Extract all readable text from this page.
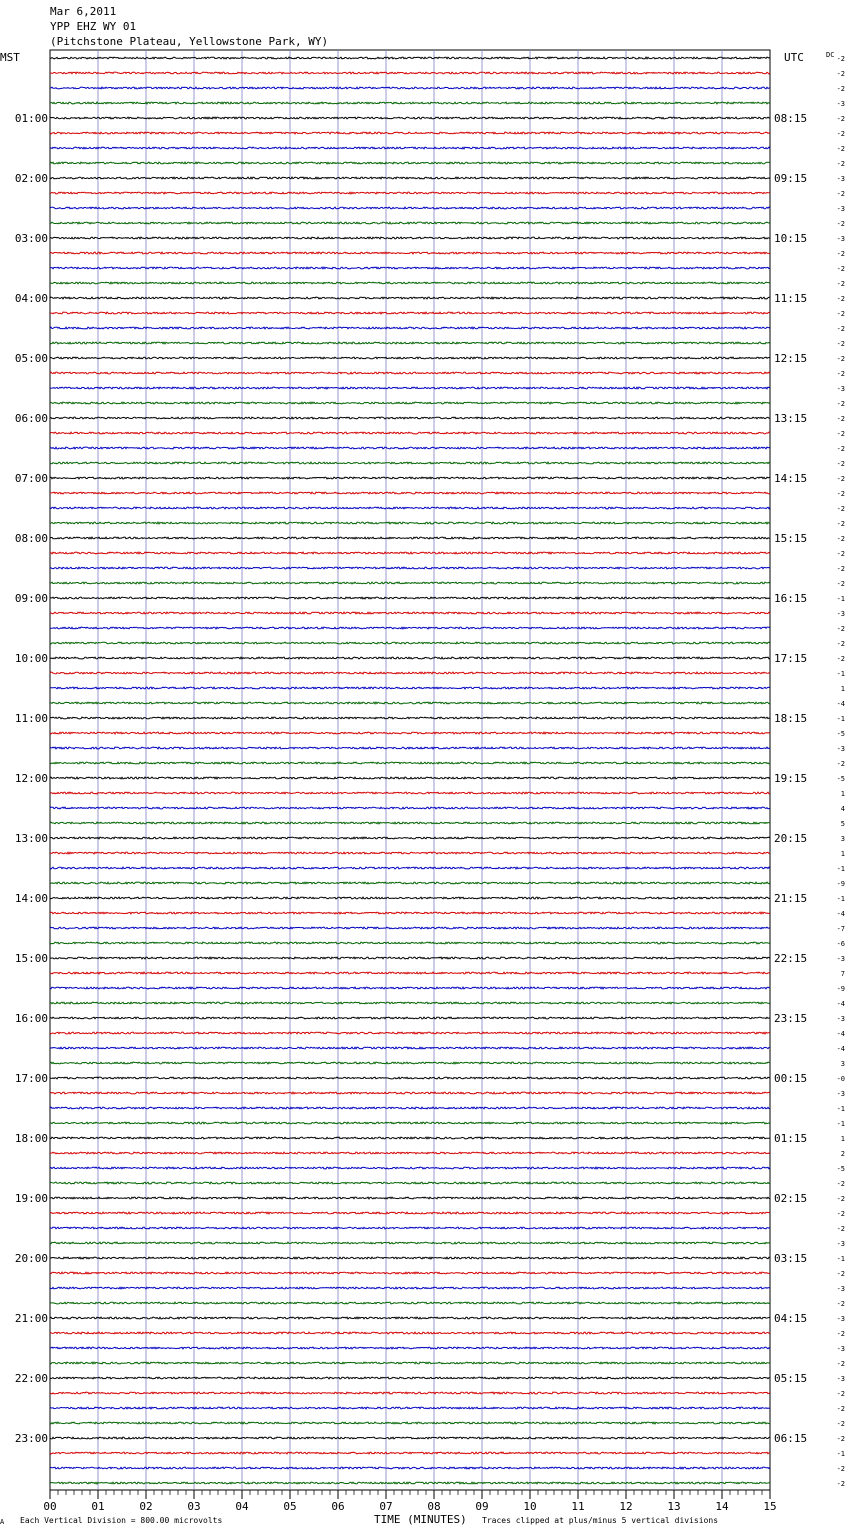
Mar 6,2011
YPP EHZ WY 01
(Pitchstone Plateau, Yellowstone Park, WY)
00	01	02	03	04	05	06	07	08	09	10	11	12	13	14	15
-2
-2
-2
-3
-2
-2
-2
-2
-3
-2
-3
-2
-3
-2
-2
-2
-2
-2
-2
-2
-2
-2
-3
-2
-2
-2
-2
-2
-2
-2
-2
-2
-2
-2
-2
-2
-1
-3
-2
-2
-2
-1
1
-4
-1
-5
-3
-2
-5
1
4
5
3
1
-1
-9
-1
-4
-7
-6
-3
7
-9
-4
-3
-4
-4
3
-0
-3
-1
-1
1
2
-5
-2
-2
-2
-2
-3
-1
-2
-3
-2
-3
-2
-3
-2
-3
-2
-2
-2
-2
-1
-2
-2
01:00	08:15
02:00	09:15
03:00	10:15
04:00	11:15
05:00	12:15
06:00	13:15
07:00	14:15
08:00	15:15
09:00	16:15
10:00	17:15
11:00	18:15
12:00	19:15
13:00	20:15
14:00	21:15
15:00	22:15
16:00	23:15
17:00	00:15
18:00	01:15
19:00	02:15
20:00	03:15
21:00	04:15
22:00	05:15
23:00	06:15
MST	UTC	DC
A Each Vertical Division = 800.00 microvolts	TIME (MINUTES) Traces clipped at plus/minus 5 vertical divisions
